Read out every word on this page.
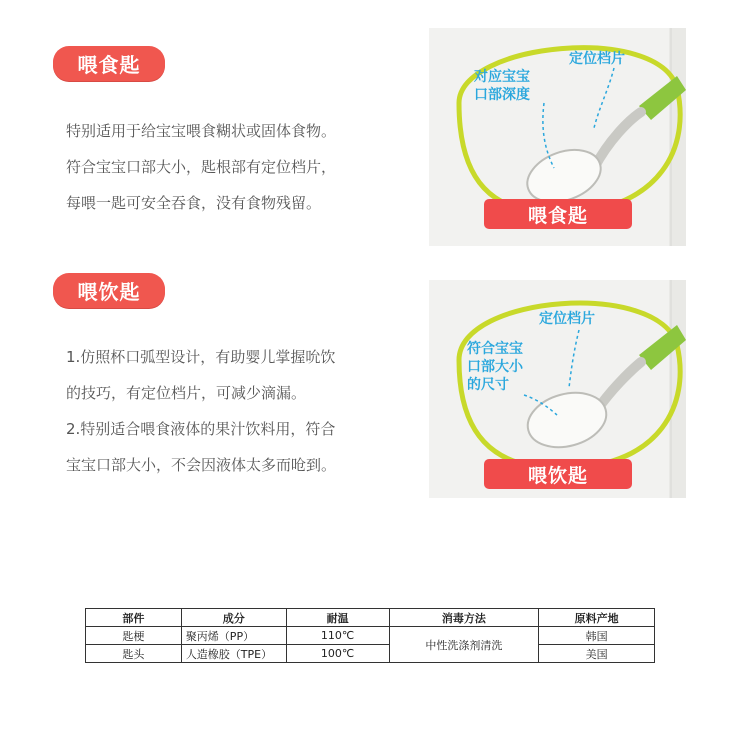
喂食匙
特别适用于给宝宝喂食糊状或固体食物。
符合宝宝口部大小，匙根部有定位档片，
每喂一匙可安全吞食，没有食物残留。
定位档片
对应宝宝
口部深度
喂食匙
喂饮匙
1.仿照杯口弧型设计，有助婴儿掌握吮饮
的技巧，有定位档片，可减少滴漏。
2.特别适合喂食液体的果汁饮料用，符合
宝宝口部大小，不会因液体太多而呛到。
定位档片
符合宝宝
口部大小
的尺寸
喂饮匙
部件	成分	耐温	消毒方法	原料产地
匙梗	聚丙烯（PP）	110℃	中性洗涤剂清洗	韩国
匙头	人造橡胶（TPE）	100℃		美国
